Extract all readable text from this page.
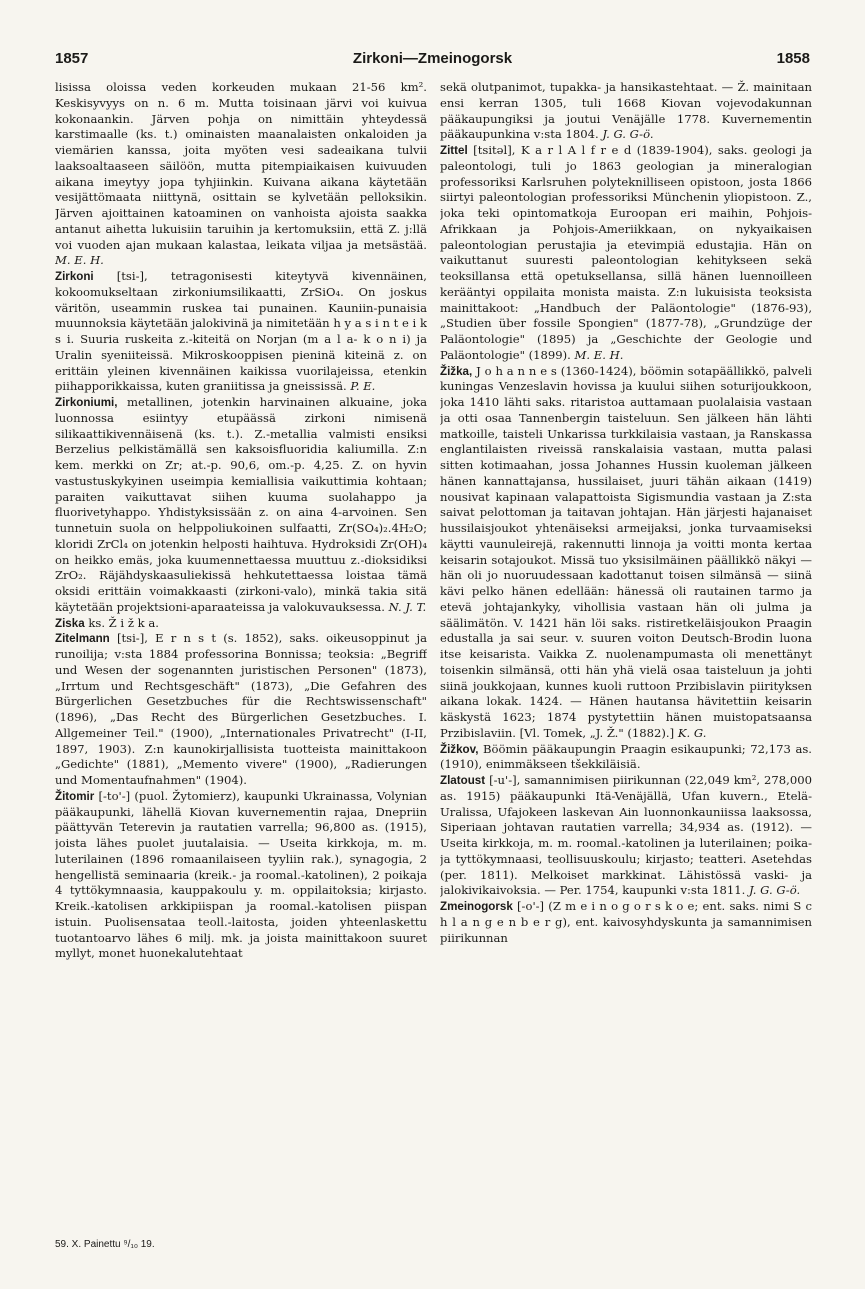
1857	Zirkoni—Zmeinogorsk	1858

lisissa oloissa veden korkeuden mukaan 21-56 km². Keskisyvyys on n. 6 m. Mutta toisinaan järvi voi kuivua kokonaankin. Järven pohja on nimittäin yhteydessä karstimaalle (ks. t.) ominaisten maanalaisten onkaloiden ja viemärien kanssa, joita myöten vesi sadeaikana tulvii laaksoaltaaseen säilöön, mutta pitempiaikaisen kuivuuden aikana imeytyy jopa tyhjiinkin. Kuivana aikana käytetään vesijättömaata niittynä, osittain se kylvetään pelloksikin. Järven ajoittainen katoaminen on vanhoista ajoista saakka antanut aihetta lukuisiin taruihin ja kertomuksiin, että Z. j:llä voi vuoden ajan mukaan kalastaa, leikata viljaa ja metsästää. M. E. H.

Zirkoni [tsi-], tetragonisesti kiteytyvä kivennäinen, kokoomukseltaan zirkoniumsilikaatti, ZrSiO₄. On joskus väritön, useammin ruskea tai punainen. Kauniin-punaisia muunnoksia käytetään jalokivinä ja nimitetään h y a s i n t e i k s i. Suuria ruskeita z.-kiteitä on Norjan (m a l a- k o n i) ja Uralin syeniiteissä. Mikroskooppisen pieninä kiteinä z. on erittäin yleinen kivennäinen kaikissa vuorilajeissa, etenkin piihapporikkaissa, kuten graniitissa ja gneississä. P. E.

Zirkoniumi, metallinen, jotenkin harvinainen alkuaine, joka luonnossa esiintyy etupäässä zirkoni nimisenä silikaattikivennäisenä (ks. t.). Z.-metallia valmisti ensiksi Berzelius pelkistämällä sen kaksoisfluoridia kaliumilla. Z:n kem. merkki on Zr; at.-p. 90,6, om.-p. 4,25. Z. on hyvin vastustuskykyinen useimpia kemiallisia vaikuttimia kohtaan; paraiten vaikuttavat siihen kuuma suolahappo ja fluorivetyhappo. Yhdistyksissään z. on aina 4-arvoinen. Sen tunnetuin suola on helppoliukoinen sulfaatti, Zr(SO₄)₂.4H₂O; kloridi ZrCl₄ on jotenkin helposti haihtuva. Hydroksidi Zr(OH)₄ on heikko emäs, joka kuumennettaessa muuttuu z.-dioksidiksi ZrO₂. Räjähdyskaasuliekissä hehkutettaessa loistaa tämä oksidi erittäin voimakkaasti (zirkoni-valo), minkä takia sitä käytetään projektsioni-aparaateissa ja valokuvauksessa. N. J. T.

Ziska ks. Ž i ž k a.

Zitelmann [tsi-], E r n s t (s. 1852), saks. oikeusoppinut ja runoilija; v:sta 1884 professorina Bonnissa; teoksia: „Begriff und Wesen der sogenannten juristischen Personen" (1873), „Irrtum und Rechtsgeschäft" (1873), „Die Gefahren des Bürgerlichen Gesetzbuches für die Rechtswissenschaft" (1896), „Das Recht des Bürgerlichen Gesetzbuches. I. Allgemeiner Teil." (1900), „Internationales Privatrecht" (I-II, 1897, 1903). Z:n kaunokirjallisista tuotteista mainittakoon „Gedichte" (1881), „Memento vivere" (1900), „Radierungen und Momentaufnahmen" (1904).

Žitomir [-to'-] (puol. Žytomierz), kaupunki Ukrainassa, Volynian pääkaupunki, lähellä Kiovan kuvernementin rajaa, Dnepriin päättyvän Teterevin ja rautatien varrella; 96,800 as. (1915), joista lähes puolet juutalaisia. — Useita kirkkoja, m. m. luterilainen (1896 romaanilaiseen tyyliin rak.), synagogia, 2 hengellistä seminaaria (kreik.- ja roomal.-katolinen), 2 poikaja 4 tyttökymnaasia, kauppakoulu y. m. oppilaitoksia; kirjasto. Kreik.-katolisen arkkipiispan ja roomal.-katolisen piispan istuin. Puolisensataa teoll.-laitosta, joiden yhteenlaskettu tuotantoarvo lähes 6 milj. mk. ja joista mainittakoon suuret myllyt, monet huonekalutehtaat

sekä olutpanimot, tupakka- ja hansikastehtaat. — Ž. mainitaan ensi kerran 1305, tuli 1668 Kiovan vojevodakunnan pääkaupungiksi ja joutui Venäjälle 1778. Kuvernementin pääkaupunkina v:sta 1804. J. G. G-ö.

Zittel [tsitəl], K a r l A l f r e d (1839-1904), saks. geologi ja paleontologi, tuli jo 1863 geologian ja mineralogian professoriksi Karlsruhen polyteknilliseen opistoon, josta 1866 siirtyi paleontologian professoriksi Münchenin yliopistoon. Z., joka teki opintomatkoja Euroopan eri maihin, Pohjois-Afrikkaan ja Pohjois-Ameriikkaan, on nykyaikaisen paleontologian perustajia ja etevimpiä edustajia. Hän on vaikuttanut suuresti paleontologian kehitykseen sekä teoksillansa että opetuksellansa, sillä hänen luennoilleen kerääntyi oppilaita monista maista. Z:n lukuisista teoksista mainittakoot: „Handbuch der Paläontologie" (1876-93), „Studien über fossile Spongien" (1877-78), „Grundzüge der Paläontologie" (1895) ja „Geschichte der Geologie und Paläontologie" (1899). M. E. H.

Žižka, J o h a n n e s (1360-1424), böömin sotapäällikkö, palveli kuningas Venzeslavin hovissa ja kuului siihen soturijoukkoon, joka 1410 lähti saks. ritaristoa auttamaan puolalaisia vastaan ja otti osaa Tannenbergin taisteluun. Sen jälkeen hän lähti matkoille, taisteli Unkarissa turkkilaisia vastaan, ja Ranskassa englantilaisten riveissä ranskalaisia vastaan, mutta palasi sitten kotimaahan, jossa Johannes Hussin kuoleman jälkeen hänen kannattajansa, hussilaiset, juuri tähän aikaan (1419) nousivat kapinaan valapattoista Sigismundia vastaan ja Z:sta saivat pelottoman ja taitavan johtajan. Hän järjesti hajanaiset hussilaisjoukot yhtenäiseksi armeijaksi, jonka turvaamiseksi käytti vaunuleirejä, rakennutti linnoja ja voitti monta kertaa keisarin sotajoukot. Missä tuo yksisilmäinen päällikkö näkyi — hän oli jo nuoruudessaan kadottanut toisen silmänsä — siinä kävi pelko hänen edellään: hänessä oli rautainen tarmo ja etevä johtajankyky, vihollisia vastaan hän oli julma ja säälimätön. V. 1421 hän löi saks. ristiretkeläisjoukon Praagin edustalla ja sai seur. v. suuren voiton Deutsch-Brodin luona itse keisarista. Vaikka Z. nuolenampumasta oli menettänyt toisenkin silmänsä, otti hän yhä vielä osaa taisteluun ja johti siinä joukkojaan, kunnes kuoli ruttoon Przibislavin piirityksen aikana lokak. 1424. — Hänen hautansa hävitettiin keisarin käskystä 1623; 1874 pystytettiin hänen muistopatsaansa Przibislaviin. [Vl. Tomek, „J. Ž." (1882).] K. G.

Žižkov, Böömin pääkaupungin Praagin esikaupunki; 72,173 as. (1910), enimmäkseen tšekkiläisiä.

Zlatoust [-u'-], samannimisen piirikunnan (22,049 km², 278,000 as. 1915) pääkaupunki Itä-Venäjällä, Ufan kuvern., Etelä-Uralissa, Ufajokeen laskevan Ain luonnonkauniissa laaksossa, Siperiaan johtavan rautatien varrella; 34,934 as. (1912). — Useita kirkkoja, m. m. roomal.-katolinen ja luterilainen; poika- ja tyttökymnaasi, teollisuuskoulu; kirjasto; teatteri. Asetehdas (per. 1811). Melkoiset markkinat. Lähistössä vaski- ja jalokivikaivoksia. — Per. 1754, kaupunki v:sta 1811. J. G. G-ö.

Zmeinogorsk [-o'-] (Z m e i n o g o r s k o e; ent. saks. nimi S c h l a n g e n b e r g), ent. kaivosyhdyskunta ja samannimisen piirikunnan

59. X. Painettu ⁹/₁₀ 19.
